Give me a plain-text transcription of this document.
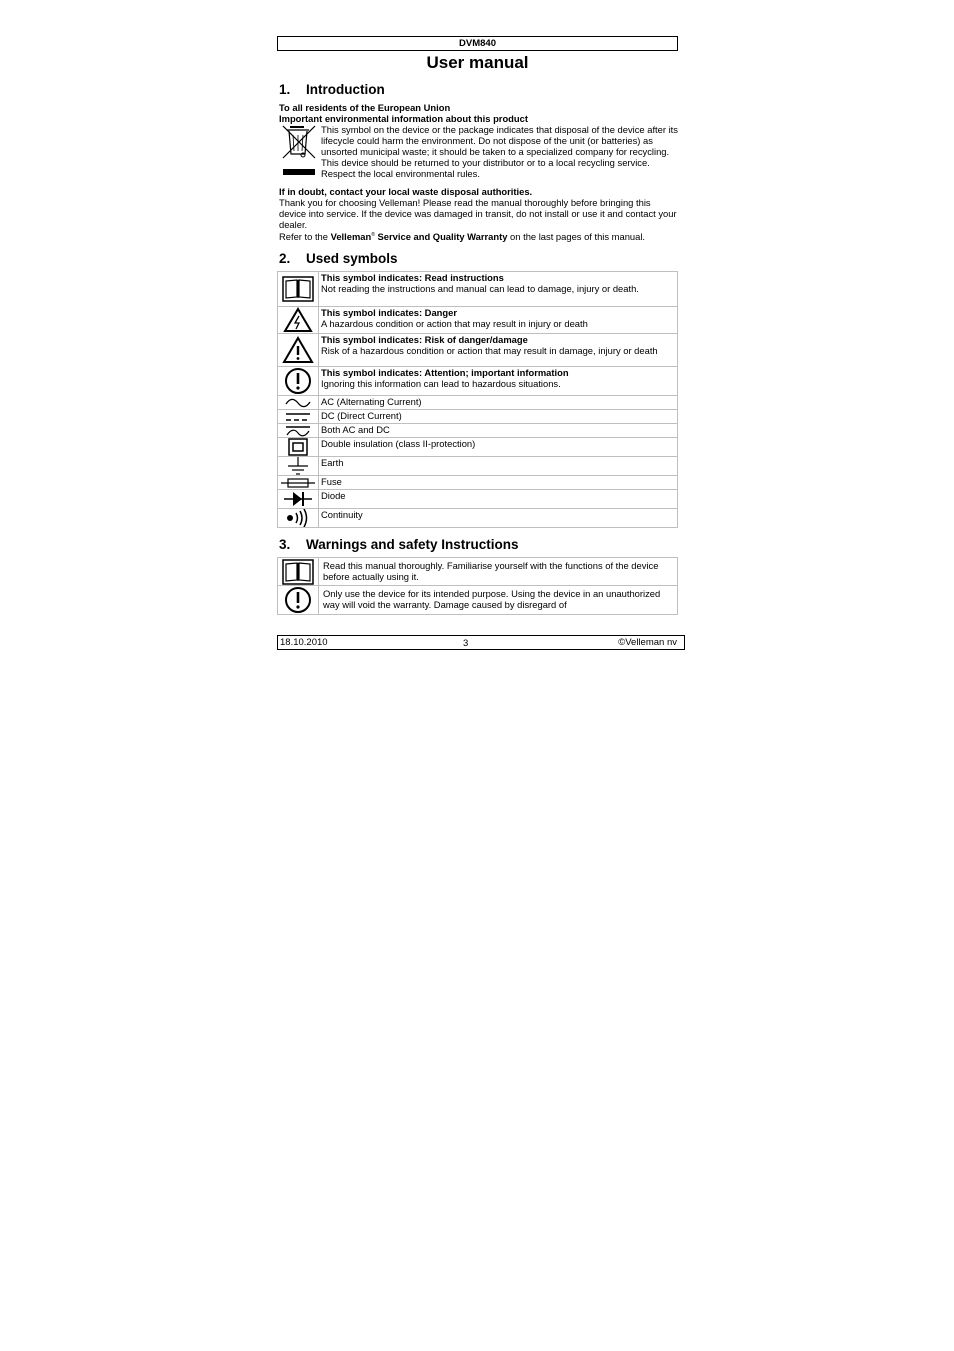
DVM840
User manual
1. Introduction

To all residents of the European Union

Important environmental information about this product

This symbol on the device or the package indicates that disposal of the device after its lifecycle could harm the environment. Do not dispose of the unit (or batteries) as unsorted municipal waste; it should be taken to a specialized company for recycling. This device should be returned to your distributor or to a local recycling service. Respect the local environmental rules.

If in doubt, contact your local waste disposal authorities.

Thank you for choosing Velleman! Please read the manual thoroughly before bringing this device into service. If the device was damaged in transit, do not install or use it and contact your dealer.

Refer to the Velleman® Service and Quality Warranty on the last pages of this manual.

2. Used symbols

This symbol indicates: Read instructions
Not reading the instructions and manual can lead to damage, injury or death.

This symbol indicates: Danger
A hazardous condition or action that may result in injury or death

This symbol indicates: Risk of danger/damage
Risk of a hazardous condition or action that may result in damage, injury or death

This symbol indicates: Attention; important information
Ignoring this information can lead to hazardous situations.

	AC (Alternating Current)

	DC (Direct Current)

	Both AC and DC

	Double insulation (class II-protection)

	Earth

	Fuse

	Diode

	Continuity
3. Warnings and safety Instructions
	Read this manual thoroughly. Familiarise yourself with the functions of the device before actually using it.

	Only use the device for its intended purpose. Using the device in an unauthorized way will void the warranty. Damage caused by disregard of
18.10.2010	3	©Velleman nv
